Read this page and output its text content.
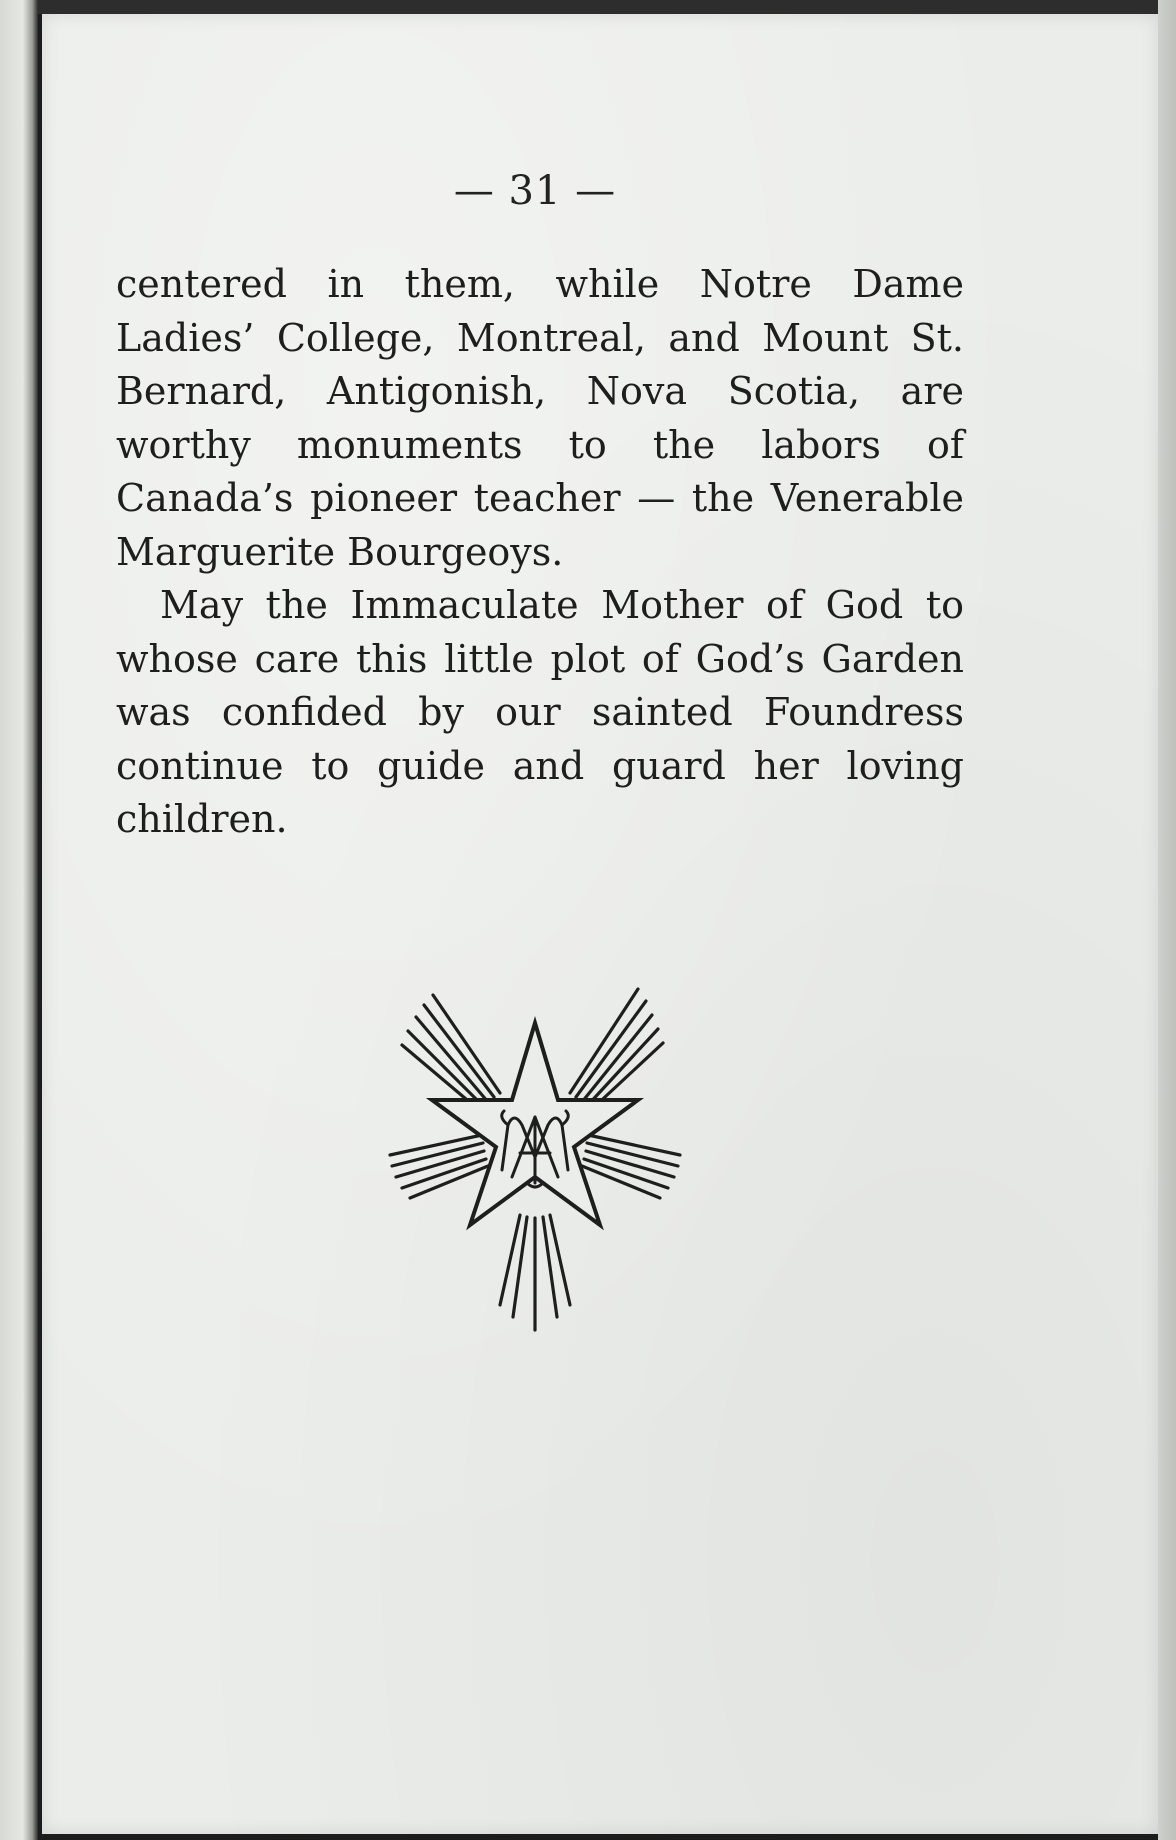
— 31 —

centered in them, while Notre Dame Ladies’ College, Montreal, and Mount St. Bernard, Antigonish, Nova Scotia, are worthy monuments to the labors of Canada’s pioneer teacher — the Venerable Marguerite Bourgeoys.

May the Immaculate Mother of God to whose care this little plot of God’s Garden was confided by our sainted Foundress continue to guide and guard her loving children.
